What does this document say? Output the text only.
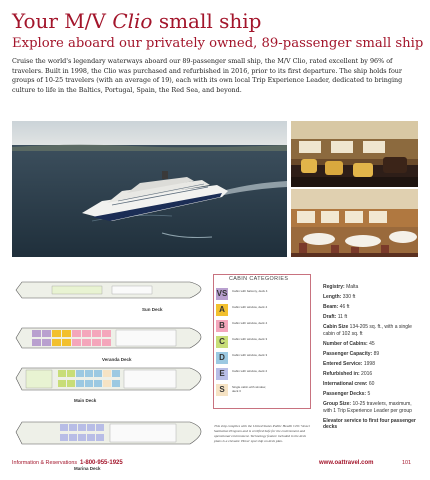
Your M/V Clio small ship
Explore aboard our privately owned, 89-passenger small ship
Cruise the world's legendary waterways aboard our 89-passenger small ship, the M/V Clio, rated excellent by 96% of travelers. Built in 1998, the Clio was purchased and refurbished in 2016, prior to its first departure. The ship holds four groups of 10-25 travelers (with an average of 19), each with its own local Trip Experience Leader, dedicated to bringing culture to life in the Baltics, Portugal, Spain, the Red Sea, and beyond.
Sun Deck
Veranda Deck
Main Deck
Marina Deck
CABIN CATEGORIES
VS Cabin with balcony, deck 4
A	Cabin with window, deck 4
B	Cabin with window, deck 4
C	Cabin with window, deck 3
D	Cabin with window, deck 3
E	Cabin with window, deck 2
S	Single cabin with window, deck 3
This ship complies with the United States Public Health CDC Vessel Sanitation Program and is certified Safe for the environment and operational environment. Technology feature included in the deck plans is a elevator. Hover spot ship on deck plan.
Registry: Malta
Length: 330 ft
Beam: 46 ft
Draft: 11 ft
Cabin Size 134-205 sq. ft., with a single cabin of 102 sq. ft
Number of Cabins: 45
Passenger Capacity: 89
Entered Service: 1998
Refurbished in: 2016
International crew: 60
Passenger Decks: 5
Group Size: 10-25 travelers, maximum, with 1 Trip Experience Leader per group
Elevator service to first four passenger decks
Information & Reservations 1-800-955-1925	www.oattravel.com	101
